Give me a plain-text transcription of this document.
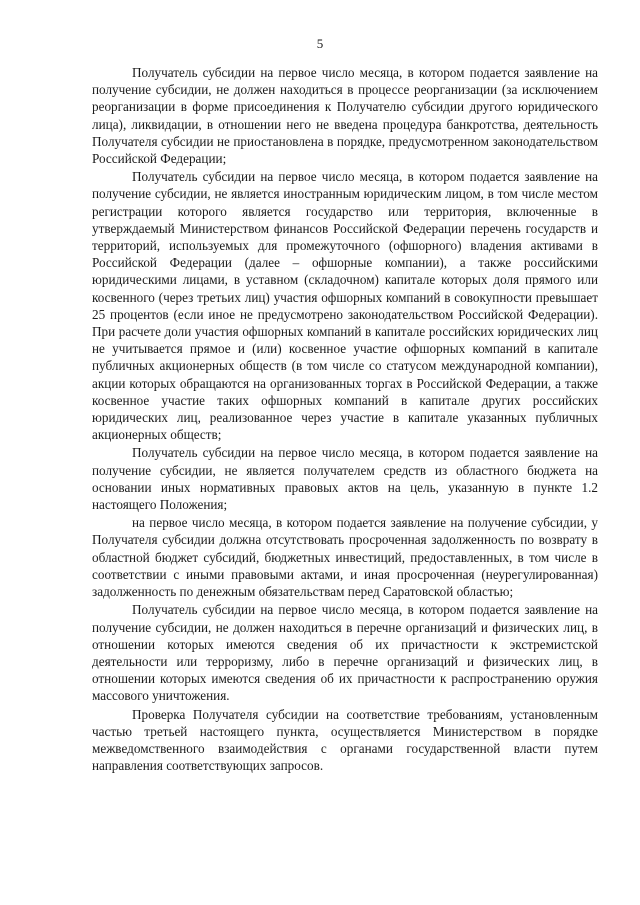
5

Получатель субсидии на первое число месяца, в котором подается заявление на получение субсидии, не должен находиться в процессе реорганизации (за исключением реорганизации в форме присоединения к Получателю субсидии другого юридического лица), ликвидации, в отношении него не введена процедура банкротства, деятельность Получателя субсидии не приостановлена в порядке, предусмотренном законодательством Российской Федерации;

Получатель субсидии на первое число месяца, в котором подается заявление на получение субсидии, не является иностранным юридическим лицом, в том числе местом регистрации которого является государство или территория, включенные в утверждаемый Министерством финансов Российской Федерации перечень государств и территорий, используемых для промежуточного (офшорного) владения активами в Российской Федерации (далее – офшорные компании), а также российскими юридическими лицами, в уставном (складочном) капитале которых доля прямого или косвенного (через третьих лиц) участия офшорных компаний в совокупности превышает 25 процентов (если иное не предусмотрено законодательством Российской Федерации). При расчете доли участия офшорных компаний в капитале российских юридических лиц не учитывается прямое и (или) косвенное участие офшорных компаний в капитале публичных акционерных обществ (в том числе со статусом международной компании), акции которых обращаются на организованных торгах в Российской Федерации, а также косвенное участие таких офшорных компаний в капитале других российских юридических лиц, реализованное через участие в капитале указанных публичных акционерных обществ;

Получатель субсидии на первое число месяца, в котором подается заявление на получение субсидии, не является получателем средств из областного бюджета на основании иных нормативных правовых актов на цель, указанную в пункте 1.2 настоящего Положения;

на первое число месяца, в котором подается заявление на получение субсидии, у Получателя субсидии должна отсутствовать просроченная задолженность по возврату в областной бюджет субсидий, бюджетных инвестиций, предоставленных, в том числе в соответствии с иными правовыми актами, и иная просроченная (неурегулированная) задолженность по денежным обязательствам перед Саратовской областью;

Получатель субсидии на первое число месяца, в котором подается заявление на получение субсидии, не должен находиться в перечне организаций и физических лиц, в отношении которых имеются сведения об их причастности к экстремистской деятельности или терроризму, либо в перечне организаций и физических лиц, в отношении которых имеются сведения об их причастности к распространению оружия массового уничтожения.

Проверка Получателя субсидии на соответствие требованиям, установленным частью третьей настоящего пункта, осуществляется Министерством в порядке межведомственного взаимодействия с органами государственной власти путем направления соответствующих запросов.
